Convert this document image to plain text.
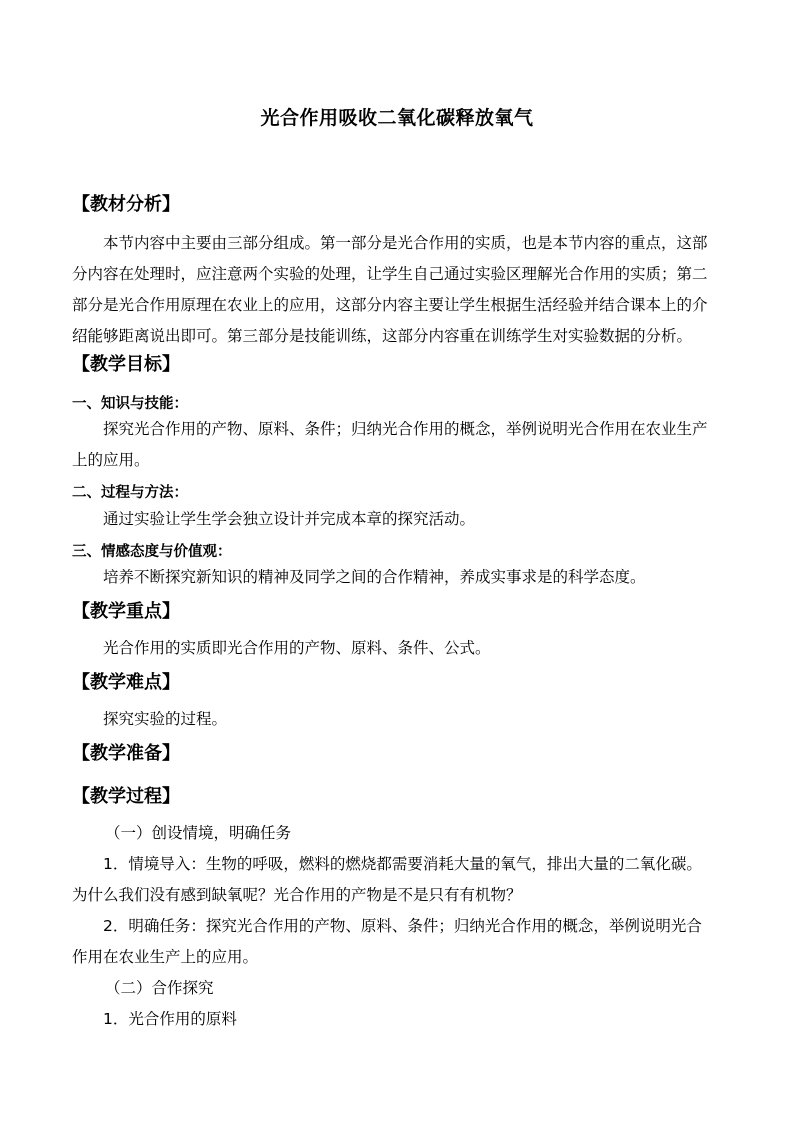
光合作用吸收二氧化碳释放氧气
【教材分析】
本节内容中主要由三部分组成。第一部分是光合作用的实质，也是本节内容的重点，这部
分内容在处理时，应注意两个实验的处理，让学生自己通过实验区理解光合作用的实质；第二
部分是光合作用原理在农业上的应用，这部分内容主要让学生根据生活经验并结合课本上的介
绍能够距离说出即可。第三部分是技能训练，这部分内容重在训练学生对实验数据的分析。
【教学目标】
一、知识与技能：
探究光合作用的产物、原料、条件；归纳光合作用的概念，举例说明光合作用在农业生产
上的应用。
二、过程与方法：
通过实验让学生学会独立设计并完成本章的探究活动。
三、情感态度与价值观：
培养不断探究新知识的精神及同学之间的合作精神，养成实事求是的科学态度。
【教学重点】
光合作用的实质即光合作用的产物、原料、条件、公式。
【教学难点】
探究实验的过程。
【教学准备】
【教学过程】
（一）创设情境，明确任务
1．情境导入：生物的呼吸，燃料的燃烧都需要消耗大量的氧气，排出大量的二氧化碳。
为什么我们没有感到缺氧呢？光合作用的产物是不是只有有机物？
2．明确任务：探究光合作用的产物、原料、条件；归纳光合作用的概念，举例说明光合
作用在农业生产上的应用。
（二）合作探究
1．光合作用的原料
